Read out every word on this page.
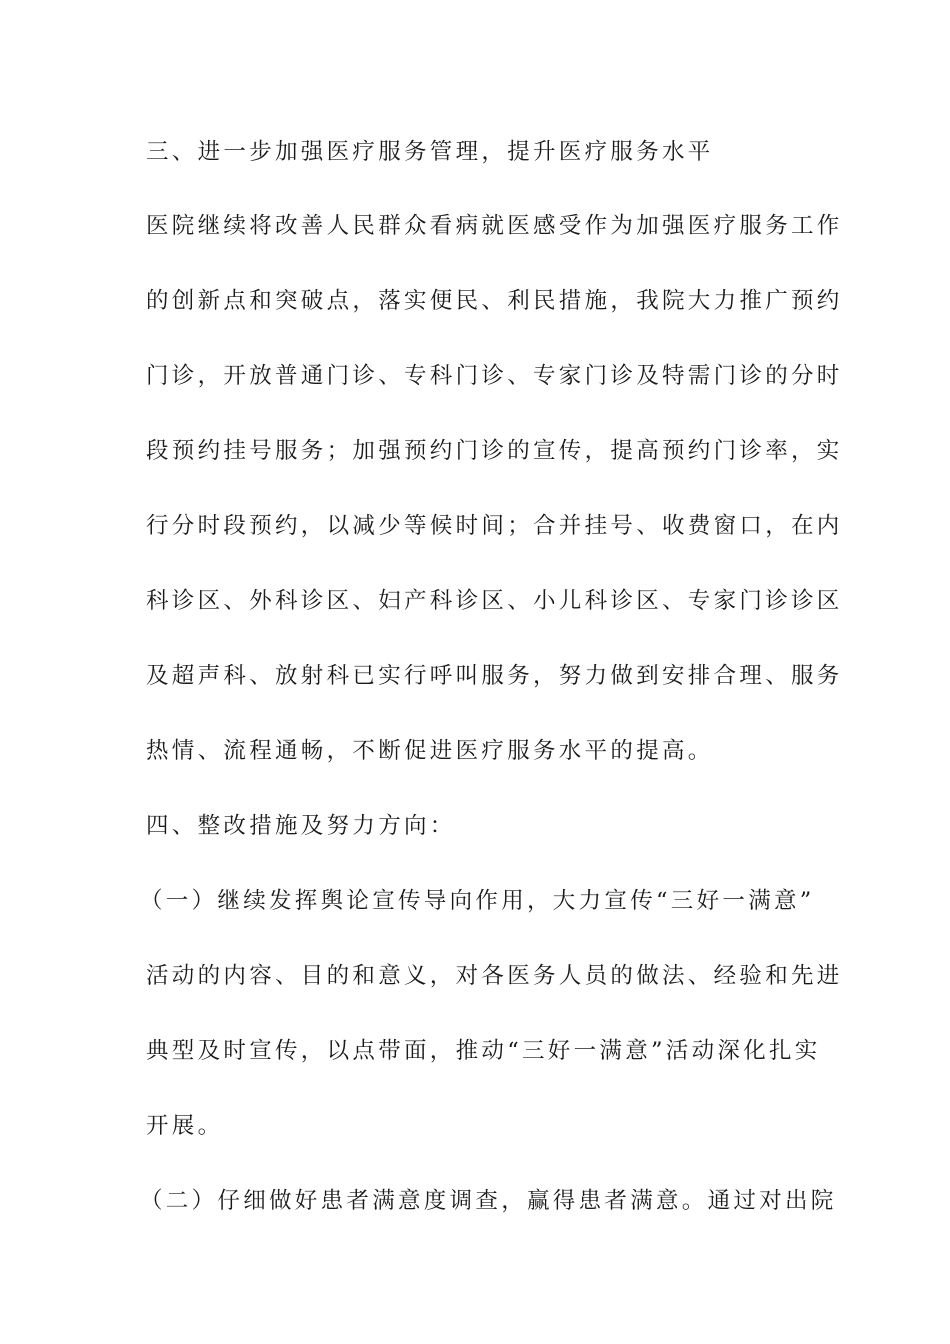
三、进一步加强医疗服务管理，提升医疗服务水平
医院继续将改善人民群众看病就医感受作为加强医疗服务工作
的创新点和突破点，落实便民、利民措施，我院大力推广预约
门诊，开放普通门诊、专科门诊、专家门诊及特需门诊的分时
段预约挂号服务；加强预约门诊的宣传，提高预约门诊率，实
行分时段预约，以减少等候时间；合并挂号、收费窗口，在内
科诊区、外科诊区、妇产科诊区、小儿科诊区、专家门诊诊区
及超声科、放射科已实行呼叫服务，努力做到安排合理、服务
热情、流程通畅，不断促进医疗服务水平的提高。
四、整改措施及努力方向：
（一）继续发挥舆论宣传导向作用，大力宣传“三好一满意”
活动的内容、目的和意义，对各医务人员的做法、经验和先进
典型及时宣传，以点带面，推动“三好一满意”活动深化扎实
开展。
（二）仔细做好患者满意度调查，赢得患者满意。通过对出院
